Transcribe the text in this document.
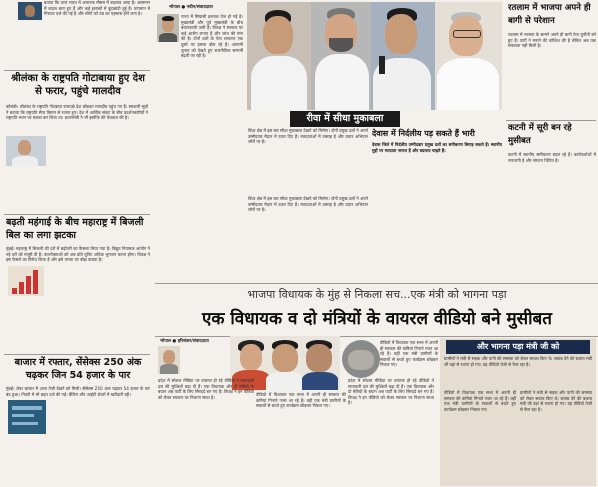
बताया कि उत्तर भारत में अचानक मौसम में बदलाव आया है। आसमान में बादल छाए हुए हैं और कई इलाकों में बूंदाबांदी हुई है। तापमान में गिरावट दर्ज की गई है और लोगों को ठंड का एहसास होने लगा है।
श्रीलंका के राष्ट्रपति गोटाबाया हुए देश से फरार, पहुंचे मालदीव
कोलंबो। श्रीलंका के राष्ट्रपति गोटबाया राजपक्षे देश छोड़कर मालदीव पहुंच गए हैं। सरकारी सूत्रों ने बताया कि राष्ट्रपति सैन्य विमान से रवाना हुए। देश में आर्थिक संकट के बीच प्रदर्शनकारियों ने राष्ट्रपति भवन पर कब्जा कर लिया था। प्रधानमंत्री ने भी इस्तीफे की पेशकश की है।
बढ़ती महंगाई के बीच महाराष्ट्र में बिजली बिल का लगा झटका
मुंबई। महाराष्ट्र में बिजली की दरों में बढ़ोतरी का फैसला लिया गया है। विद्युत नियामक आयोग ने नई दरों को मंजूरी दी है। उपभोक्ताओं को अब प्रति यूनिट अधिक भुगतान करना होगा। विपक्ष ने इस फैसले का विरोध किया है और इसे जनता पर बोझ बताया है।
बाजार में रफ्तार, सेंसेक्स 250 अंक चढ़कर जिन 54 हजार के पार
मुंबई। शेयर बाजार में आज तेजी देखने को मिली। सेंसेक्स 250 अंक चढ़कर 54 हजार के पार बंद हुआ। निफ्टी में भी बढ़त दर्ज की गई। बैंकिंग और आईटी शेयरों में खरीदारी रही।
भोपाल ● नवीन/संवाददाता
राज्य में सियासी हलचल तेज हो गई है। मुख्यमंत्री और पूर्व मुख्यमंत्री के बीच बयानबाजी जारी है। विपक्ष ने सरकार पर कई आरोप लगाए हैं और जांच की मांग की है। दोनों दलों के नेता लगातार एक दूसरे पर हमला बोल रहे हैं। आगामी चुनाव को देखते हुए राजनीतिक सरगर्मी बढ़ती जा रही है।
रीवा में सीधा मुकाबला
विंध्य क्षेत्र में इस बार सीधा मुकाबला देखने को मिलेगा। दोनों प्रमुख दलों ने अपने उम्मीदवार मैदान में उतार दिए हैं। मतदाताओं में उत्साह है और प्रचार अभियान जोरों पर है।
विंध्य क्षेत्र में इस बार सीधा मुकाबला देखने को मिलेगा। दोनों प्रमुख दलों ने अपने उम्मीदवार मैदान में उतार दिए हैं। मतदाताओं में उत्साह है और प्रचार अभियान जोरों पर है।
देवास में निर्दलीय पड़ सकते हैं भारी
देवास जिले में निर्दलीय उम्मीदवार प्रमुख दलों का समीकरण बिगाड़ सकते हैं। स्थानीय मुद्दों पर मतदाता नाराज हैं और बदलाव चाहते हैं।
रतलाम में भाजपा अपने ही बागी से परेशान
रतलाम में भाजपा के सामने अपने ही बागी नेता चुनौती बने हुए हैं। पार्टी ने मनाने की कोशिश की है लेकिन अब तक सफलता नहीं मिली है।
कटनी में सूरी बन रहे मुसीबत
कटनी में स्थानीय समीकरण बदल रहे हैं। कार्यकर्ताओं में नाराजगी है और संगठन चिंतित है।
भाजपा विधायक के मुंह से निकला सच...एक मंत्री को भागना पड़ा
एक विधायक व दो मंत्रियों के वायरल वीडियो बने मुसीबत
भोपाल ● हरिशंकर/संवाददाता
प्रदेश में सोशल मीडिया पर वायरल हो रहे वीडियो ने सत्ताधारी दल की मुश्किलें बढ़ा दी हैं। एक विधायक और दो मंत्रियों के बयान अब पार्टी के लिए सिरदर्द बन गए हैं। विपक्ष ने इन वीडियो को लेकर सरकार पर निशाना साधा है।
वीडियो में विधायक एक सभा में अपनी ही सरकार की कमियां गिनाते नजर आ रहे हैं। वहीं एक मंत्री ग्रामीणों के सवालों से बचते हुए कार्यक्रम छोड़कर निकल गए।
प्रदेश में सोशल मीडिया पर वायरल हो रहे वीडियो ने सत्ताधारी दल की मुश्किलें बढ़ा दी हैं। एक विधायक और दो मंत्रियों के बयान अब पार्टी के लिए सिरदर्द बन गए हैं। विपक्ष ने इन वीडियो को लेकर सरकार पर निशाना साधा है।
वीडियो में विधायक एक सभा में अपनी ही सरकार की कमियां गिनाते नजर आ रहे हैं। वहीं एक मंत्री ग्रामीणों के सवालों से बचते हुए कार्यक्रम छोड़कर निकल गए।
और भागना पड़ा मंत्री जी को
ग्रामीणों ने मंत्री से सड़क और पानी की समस्या को लेकर सवाल किए थे। जवाब देने की बजाय मंत्री जी वहां से रवाना हो गए। यह वीडियो तेजी से फैल रहा है।
वीडियो में विधायक एक सभा में अपनी ही सरकार की कमियां गिनाते नजर आ रहे हैं। वहीं एक मंत्री ग्रामीणों के सवालों से बचते हुए कार्यक्रम छोड़कर निकल गए।
ग्रामीणों ने मंत्री से सड़क और पानी की समस्या को लेकर सवाल किए थे। जवाब देने की बजाय मंत्री जी वहां से रवाना हो गए। यह वीडियो तेजी से फैल रहा है।
